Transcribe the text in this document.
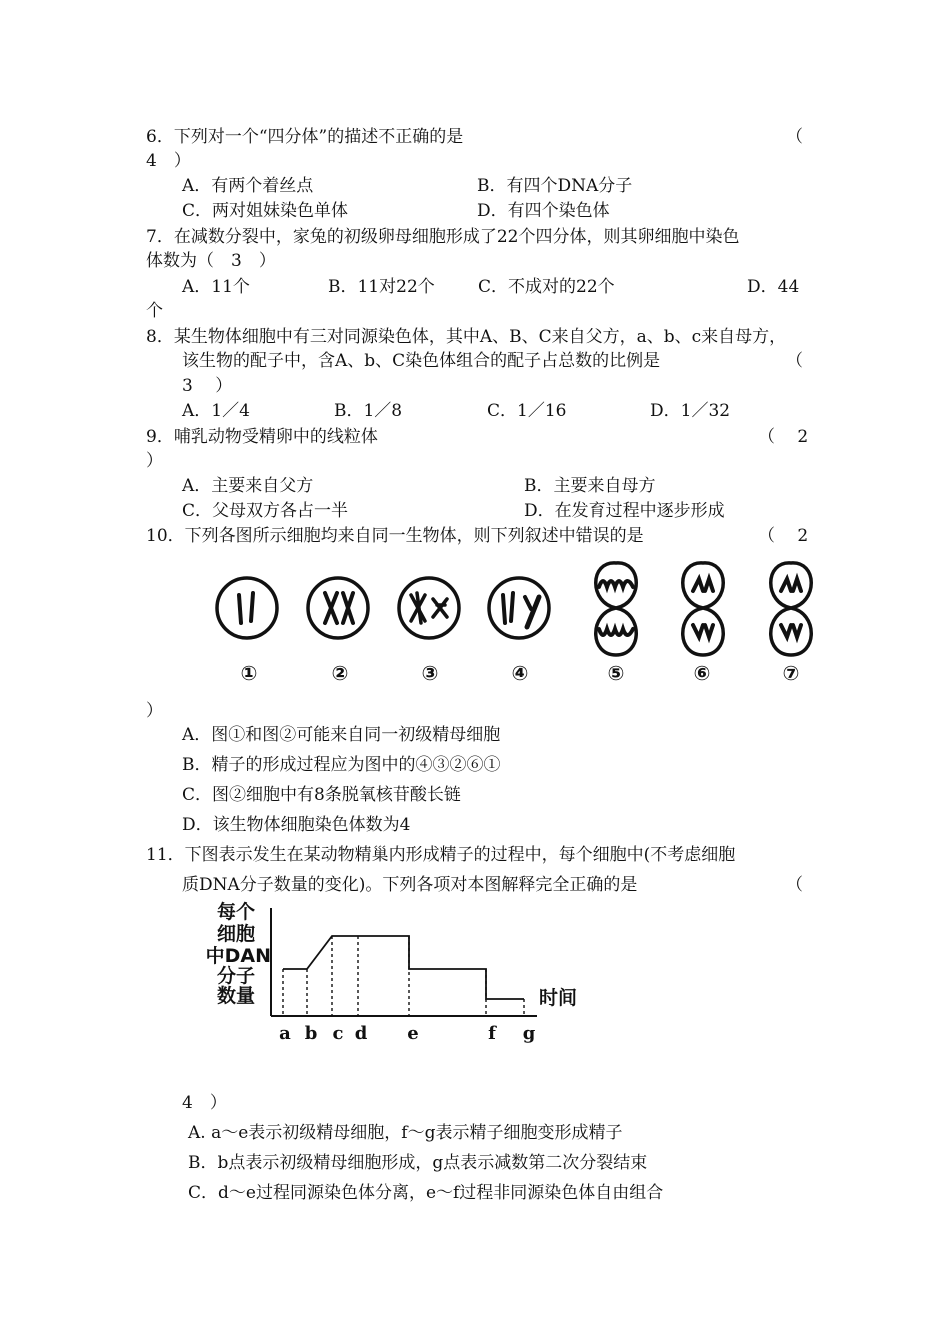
6．下列对一个“四分体”的描述不正确的是	（
4　）
A．有两个着丝点	B．有四个DNA分子
C．两对姐妹染色单体	D．有四个染色体
7．在减数分裂中，家兔的初级卵母细胞形成了22个四分体，则其卵细胞中染色
体数为（　3　）
A．11个	B．11对22个	C．不成对的22个	D．44
个
8．某生物体细胞中有三对同源染色体，其中A、B、C来自父方，a、b、c来自母方，
该生物的配子中，含A、b、C染色体组合的配子占总数的比例是	（
3　 ）
A．1／4	B．1／8	C．1／16	D．1／32
9．哺乳动物受精卵中的线粒体	（　 2
）
A．主要来自父方	B．主要来自母方
C．父母双方各占一半	D．在发育过程中逐步形成
10．下列各图所示细胞均来自同一生物体，则下列叙述中错误的是	（　 2
①	②	③	④	⑤	⑥	⑦
）
A．图①和图②可能来自同一初级精母细胞
B．精子的形成过程应为图中的④③②⑥①
C．图②细胞中有8条脱氧核苷酸长链
D．该生物体细胞染色体数为4
11．下图表示发生在某动物精巢内形成精子的过程中，每个细胞中(不考虑细胞
质DNA分子数量的变化)。下列各项对本图解释完全正确的是	（
每个
细胞
中DAN
分子
数量	时间
a b c d e	f g
4　）
A. a～e表示初级精母细胞，f～g表示精子细胞变形成精子
B．b点表示初级精母细胞形成，g点表示减数第二次分裂结束
C．d～e过程同源染色体分离，e～f过程非同源染色体自由组合
